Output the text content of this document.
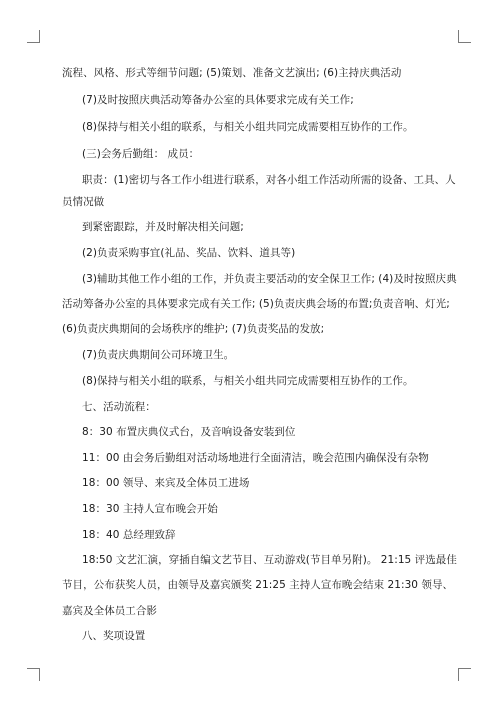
流程、风格、形式等细节问题; (5)策划、准备文艺演出; (6)主持庆典活动
(7)及时按照庆典活动筹备办公室的具体要求完成有关工作;
(8)保持与相关小组的联系，与相关小组共同完成需要相互协作的工作。
(三)会务后勤组： 成员：
职责：(1)密切与各工作小组进行联系，对各小组工作活动所需的设备、工具、人
员情况做
到紧密跟踪，并及时解决相关问题;
(2)负责采购事宜(礼品、奖品、饮料、道具等)
(3)辅助其他工作小组的工作，并负责主要活动的安全保卫工作; (4)及时按照庆典
活动筹备办公室的具体要求完成有关工作; (5)负责庆典会场的布置;负责音响、灯光;
(6)负责庆典期间的会场秩序的维护; (7)负责奖品的发放;
(7)负责庆典期间公司环境卫生。
(8)保持与相关小组的联系，与相关小组共同完成需要相互协作的工作。
七、活动流程：
8：30 布置庆典仪式台，及音响设备安装到位
11：00 由会务后勤组对活动场地进行全面清洁，晚会范围内确保没有杂物
18：00 领导、来宾及全体员工进场
18：30 主持人宣布晚会开始
18：40 总经理致辞
18:50 文艺汇演，穿插自编文艺节目、互动游戏(节目单另附)。 21:15 评选最佳
节目，公布获奖人员，由领导及嘉宾颁奖 21:25 主持人宣布晚会结束 21:30 领导、
嘉宾及全体员工合影
八、奖项设置
